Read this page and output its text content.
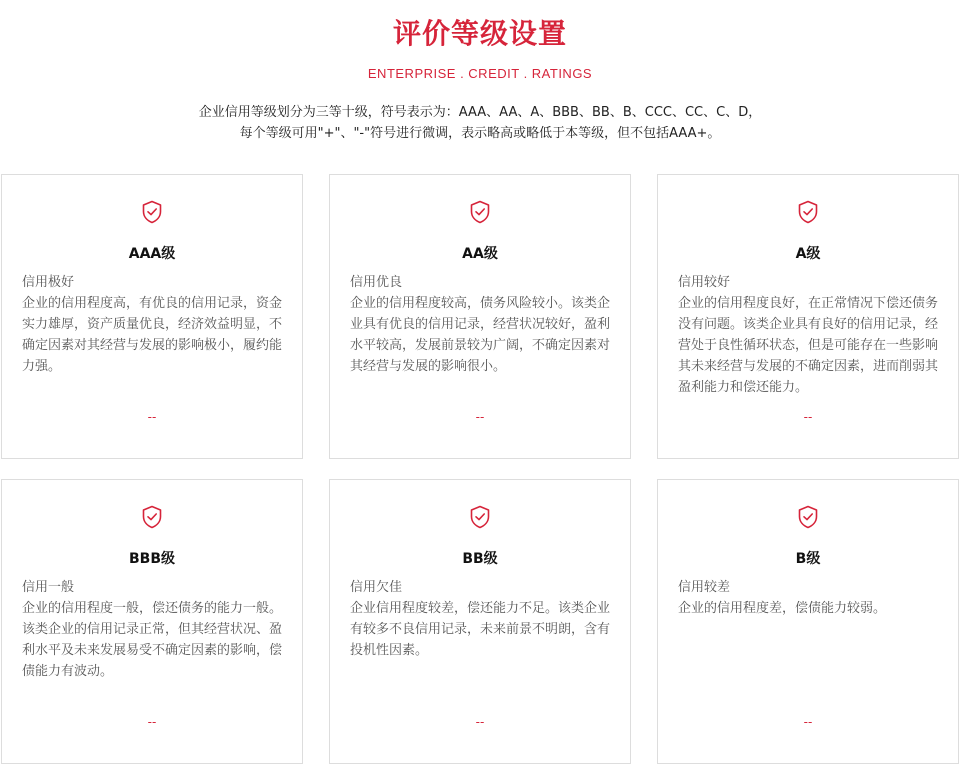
评价等级设置
ENTERPRISE . CREDIT . RATINGS
企业信用等级划分为三等十级，符号表示为：AAA、AA、A、BBB、BB、B、CCC、CC、C、D，
每个等级可用"+"、"-"符号进行微调，表示略高或略低于本等级，但不包括AAA+。
AAA级
信用极好
企业的信用程度高，有优良的信用记录，资金实力雄厚，资产质量优良，经济效益明显，不确定因素对其经营与发展的影响极小，履约能力强。
--
AA级
信用优良
企业的信用程度较高，债务风险较小。该类企业具有优良的信用记录，经营状况较好，盈利水平较高，发展前景较为广阔，不确定因素对其经营与发展的影响很小。
--
A级
信用较好
企业的信用程度良好，在正常情况下偿还债务没有问题。该类企业具有良好的信用记录，经营处于良性循环状态，但是可能存在一些影响其未来经营与发展的不确定因素，进而削弱其盈利能力和偿还能力。
--
BBB级
信用一般
企业的信用程度一般，偿还债务的能力一般。该类企业的信用记录正常，但其经营状况、盈利水平及未来发展易受不确定因素的影响，偿债能力有波动。
--
BB级
信用欠佳
企业信用程度较差，偿还能力不足。该类企业有较多不良信用记录，未来前景不明朗，含有投机性因素。
--
B级
信用较差
企业的信用程度差，偿债能力较弱。
--
